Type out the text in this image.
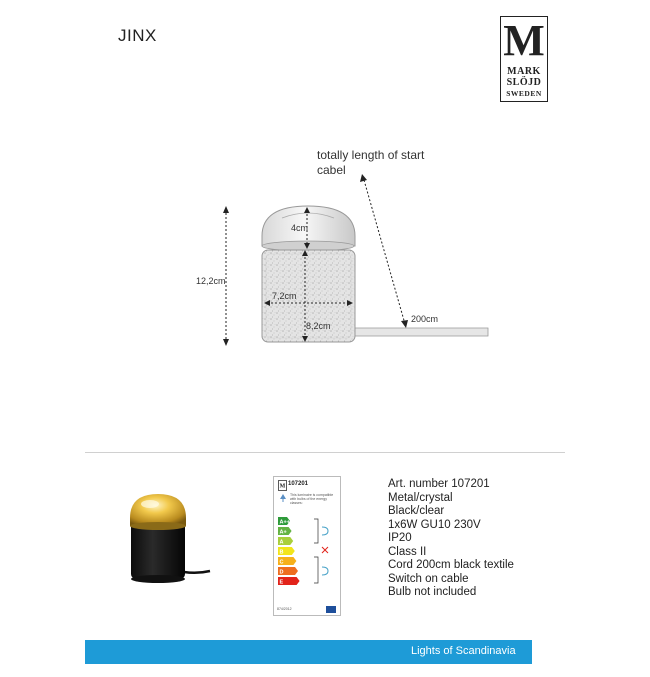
JINX	M
MARK
SLÖJD
SWEDEN
12,2cm
4cm
7,2cm
8,2cm
200cm
totally length of start
cabel
M 107201
This luminaire is compatible with bulbs of the energy classes:
A++
A+
A
B
C
D
E
874/2012
Art. number 107201
Metal/crystal
Black/clear
1x6W GU10 230V
IP20
Class II
Cord 200cm black textile
Switch on cable
Bulb not included
Lights of Scandinavia
